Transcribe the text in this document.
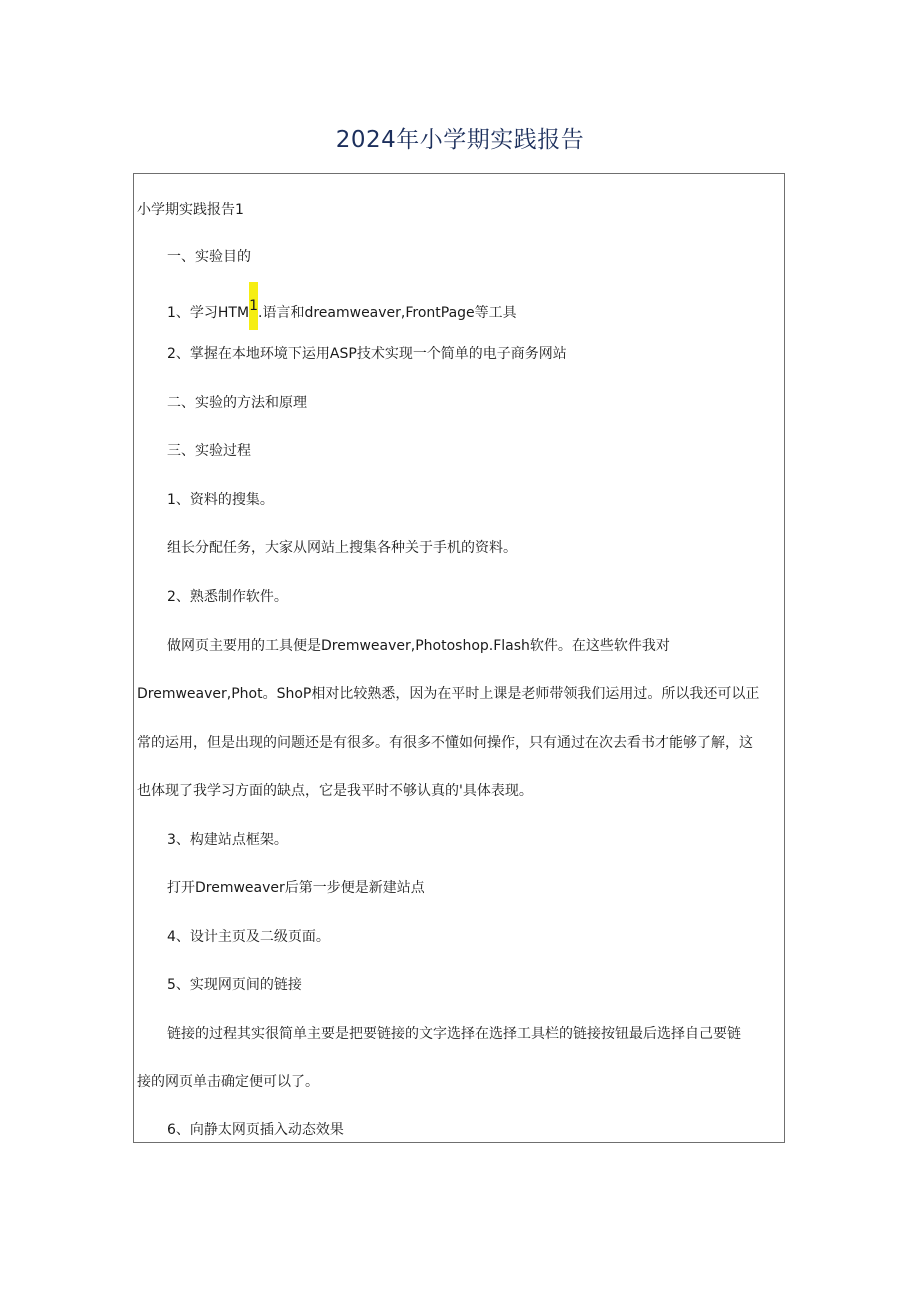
2024年小学期实践报告
小学期实践报告1
一、实验目的
1、学习HTM1.语言和dreamweaver,FrontPage等工具
2、掌握在本地环境下运用ASP技术实现一个简单的电子商务网站
二、实验的方法和原理
三、实验过程
1、资料的搜集。
组长分配任务，大家从网站上搜集各种关于手机的资料。
2、熟悉制作软件。
做网页主要用的工具便是Dremweaver,Photoshop.Flash软件。在这些软件我对
Dremweaver,Phot。ShoP相对比较熟悉，因为在平时上课是老师带领我们运用过。所以我还可以正
常的运用，但是出现的问题还是有很多。有很多不懂如何操作，只有通过在次去看书才能够了解，这
也体现了我学习方面的缺点，它是我平时不够认真的'具体表现。
3、构建站点框架。
打开Dremweaver后第一步便是新建站点
4、设计主页及二级页面。
5、实现网页间的链接
链接的过程其实很简单主要是把要链接的文字选择在选择工具栏的链接按钮最后选择自己要链
接的网页单击确定便可以了。
6、向静太网页插入动态效果
